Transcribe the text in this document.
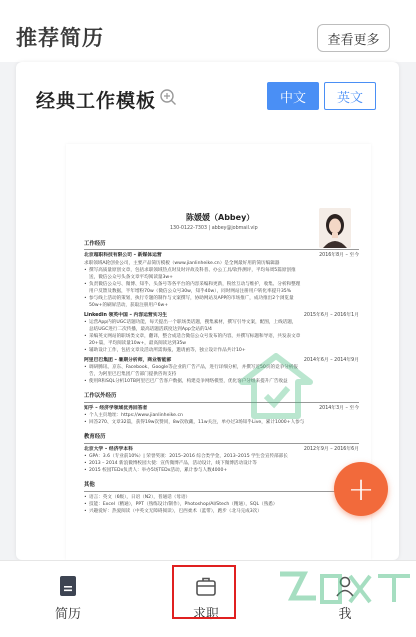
推荐简历	查看更多
经典工作模板	中文	英文
陈媛媛（Abbey）
130-0122-7303 | abbey@jobmail.vip
工作经历
北京超职科技有限公司 – 新媒体运营	2016年8月 – 至今
求职领域A轮创业公司，主要产品简历模板（www.jianlinheike.cn）是全网最好用的简历编辑器
• 撰写高质量原创文章，包括求职领域热点时及时评故及科普、办公工具/软件测评，平均每周5篇原创推
送，微信公众号头条文章平均阅读量3w+
• 负责微信公众号、微博、知乎、头条号等各平台的内容采编和更新，粉丝互动与维护，收集、分析和整理
用户反馈及数据，半年增粉70w（微信公众号30w，知乎40w），同时网站注册用户转化率提升35%
• 参与线上活动的策划，执行专题的制作与文案撰写，协助网站及APP的市场推广，成功推出2个浏览量
50w+的刷屏活动，获取注册用户6w+
Linkedin 领英中国 – 内容运营实习生	2015年6月 – 2016年1月
• 运营App内的UGC话题功能，每天提出一个职场类话题，搜集素材，撰写引导文案，配图，上线话题，
总结UGC进行二次传播，最高话题活跃度达到App全站的1/4
• 采编英文网站的职场类文章，翻译，整合成适合微信公众号发布的内容，并撰写标题和导语，共发表文章
20+篇，平均阅读量10w+，最高阅读达到35w
• 辅助设计工作，包括文章及活动所需海报，邀请函等，独立设计作品共计10+
阿里巴巴集团 – 暑期分析师，商业智能部	2014年6月 – 2014年9月
• 调研腾讯、京东、Facebook、Google等企业的广告产品，进行详细分析，并撰写近50页的竞争分析报
告，为阿里巴巴集团广告部门提供咨询支持
• 使用R和SQL分析10TB阿里巴巴广告客户数据，构建竞争网络模型，优化客户分组来提升广告收益
工作以外经历
知乎 – 经济学领域优秀回答者	2014年3月 – 至今
• 个人主页地址：https://www.jianlinheike.cn
• 回答270、文章32篇，获得19w次赞同，8w次收藏，11w关注，单办过3场知乎Live，累计1000+人参与
教育经历
北京大学 – 经济学本科	2012年9月 – 2016年6月
• GPA：3.6（专业前10%）| 荣誉奖项：2015–2016 综合类学金，2013–2015 学生会宣传部部长
• 2013 – 2014 新浪微博校园大使：宣传微博产品，活动设计，线下微博活动设计等
• 2015 校园TEDx负责人：举办5场TEDx活动，累计参与人数4000+
其他
• 语言：英文（6级），日语（N2），普通话（母语）
• 技能：Excel（精通），PPT（熟练设计/制作），Photoshop/AI/Stech（精通），SQL（熟悉）
• 兴趣爱好：热爱阅读（中英文无障碍阅读），巴西柔术（蓝带），跑步（北马完成3次）
+
简历	求职	我
